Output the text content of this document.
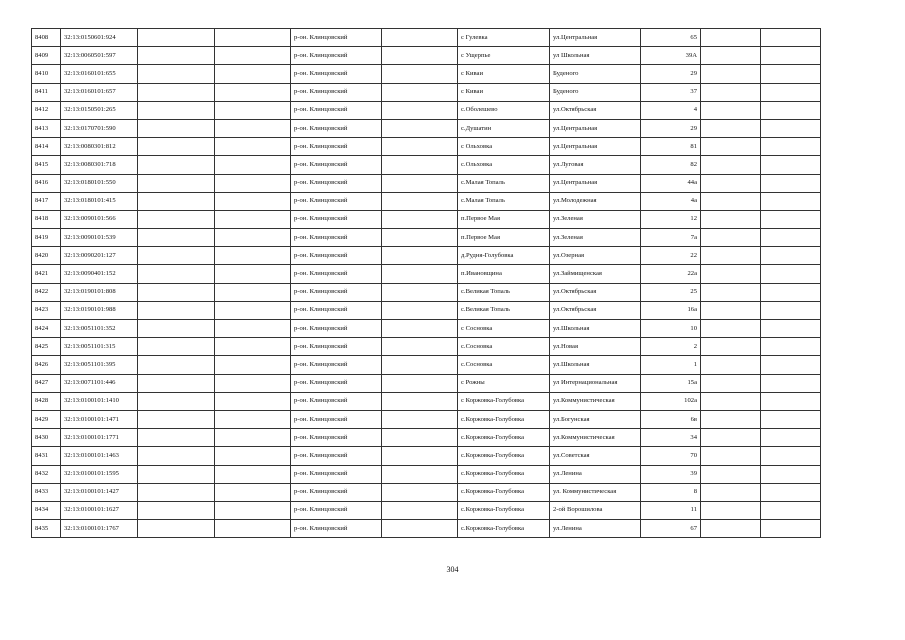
8408	32:13:0150601:924			р-он. Клинцовский		с Гулевка	ул.Центральная	65		
8409	32:13:0060501:597			р-он. Клинцовский		с Ущерпье	ул Школьная	39А		
8410	32:13:0160101:655			р-он. Клинцовский		с Киваи	Буденого	29		
8411	32:13:0160101:657			р-он. Клинцовский		с Киваи	Буденого	37		
8412	32:13:0150501:265			р-он. Клинцовский		с.Оболешево	ул.Октябрьская	4		
8413	32:13:0170701:590			р-он. Клинцовский		с.Душатин	ул.Центральная	29		
8414	32:13:0080301:812			р-он. Клинцовский		с Ольховка	ул.Центральная	81		
8415	32:13:0080301:718			р-он. Клинцовский		с.Ольховка	ул.Луговая	82		
8416	32:13:0180101:550			р-он. Клинцовский		с.Малая Топаль	ул.Центральная	44а		
8417	32:13:0180101:415			р-он. Клинцовский		с.Малая Топаль	ул.Молодежная	4а		
8418	32:13:0090101:566			р-он. Клинцовский		п.Первое Мая	ул.Зеленая	12		
8419	32:13:0090101:539			р-он. Клинцовский		п.Первое Мая	ул.Зеленая	7а		
8420	32:13:0090201:127			р-он. Клинцовский		д.Рудня-Голубовка	ул.Озерная	22		
8421	32:13:0090401:152			р-он. Клинцовский		п.Ивановщина	ул.Займищенская	22а		
8422	32:13:0190101:808			р-он. Клинцовский		с.Великая Топаль	ул.Октябрьская	25		
8423	32:13:0190101:988			р-он. Клинцовский		с.Великая Топаль	ул.Октябрьская	16а		
8424	32:13:0051101:352			р-он. Клинцовский		с Сосновка	ул.Школьная	10		
8425	32:13:0051101:315			р-он. Клинцовский		с.Сосновка	ул.Новая	2		
8426	32:13:0051101:395			р-он. Клинцовский		с.Сосновка	ул.Школьная	1		
8427	32:13:0071101:446			р-он. Клинцовский		с Рожны	ул Интернациональная	15а		
8428	32:13:0100101:1410			р-он. Клинцовский		с Коржовка-Голубовка	ул.Коммунистическая	102а		
8429	32:13:0100101:1471			р-он. Клинцовский		с.Коржовка-Голубовка	ул.Богунская	6в		
8430	32:13:0100101:1771			р-он. Клинцовский		с.Коржовка-Голубовка	ул.Коммунистическая	34		
8431	32:13:0100101:1463			р-он. Клинцовский		с.Коржовка-Голубовка	ул.Советская	70		
8432	32:13:0100101:1595			р-он. Клинцовский		с.Коржовка-Голубовка	ул.Ленина	39		
8433	32:13:0100101:1427			р-он. Клинцовский		с.Коржовка-Голубовка	ул. Коммунистическая	8		
8434	32:13:0100101:1627			р-он. Клинцовский		с.Коржовка-Голубовка	2-ой Ворошилова	11		
8435	32:13:0100101:1767			р-он. Клинцовский		с.Коржовка-Голубовка	ул.Ленина	67		
304
